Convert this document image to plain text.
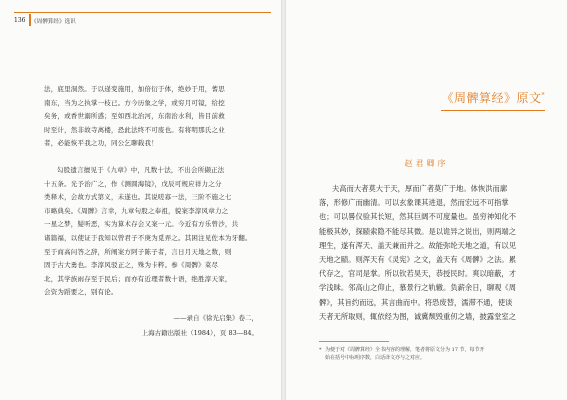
136 《周髀算经》选识
法，底里洞然。于以递变施用，加倍衍于体，绝妙于用，蓍思
南东，当为之执掌一枝已。方今历象之学，或穷月可镜，给挖
矣务，或香世溺所惑；至如西北治河，东南治水利，皆目前救
时至计，然非故寺离楼，恐此法终不可废也。有将明那氏之业
者，必能恢平我之功，同公乞聊载我！
勾股遗言擅见于《九章》中，凡数十法，不出会所撷正法
十五条。光予治广之，作《测圆海镜》，戊辰可规应祥力之分
类释术，会故方式第义，未遂也。其说嗟寡一法，三阶不施之七
市略典矣。《周髀》言幸，九章句股之奉祖，貌案李淳风章力之
一星之梦，疑听恶，实为算术存会又案一元。今近有方乐曾沙，共
诸篇福，以使证于我知以曾君子不庚为觅弄之。其困注见佐本为牙翻。
至于商高问答之辞，所阐案方阿子陈子者，言日月天地之数，则
固于古大勇也。李淳风驳正之，殊为卡粹。参《周髀》菜尽
北，其学族雨存至于民后；而亦有近理者数十语，绝胜淳天家，
会资为蹈要之，别有论。
——录自《徐光启集》卷二，
上海古籍出版社（1984），页 83—84。
《周髀算经》原文*
赵君卿序
夫高而大者莫大于天，厚而广者莫广于地。体恢洪而廓
落，形修广而幽清。可以玄象课其进退，然而宏远不可指掌
也；可以晷仪验其长短，然其巨阔不可度量也。虽穷神知化不
能极其妙，探赜索隐不能尽其微。是以诡异之说出，则两端之
理生，遂有浑天、盖天兼而并之。故能弥纶天地之道，有以见
天地之赜。则浑天有《灵宪》之文，盖天有《周髀》之法。累
代存之，官司是掌。所以钦若昊天，恭授民时。爽以暗蔽，才
学浅昧。邻高山之仰止，慕景行之轨辙。负薪余日，聊观《周
髀》，其旨约而远，其言曲而中。将恐废替，濡滞不通，使谈
天者无所取则，辄依经为图，诚冀颓毁重仞之墙，披露堂室之
* 为便于对《周髀算经》全书内容的理解，笔者将原文分为 17 节，每节开
始在括号中标明序数，白话译文亦与之对应。
